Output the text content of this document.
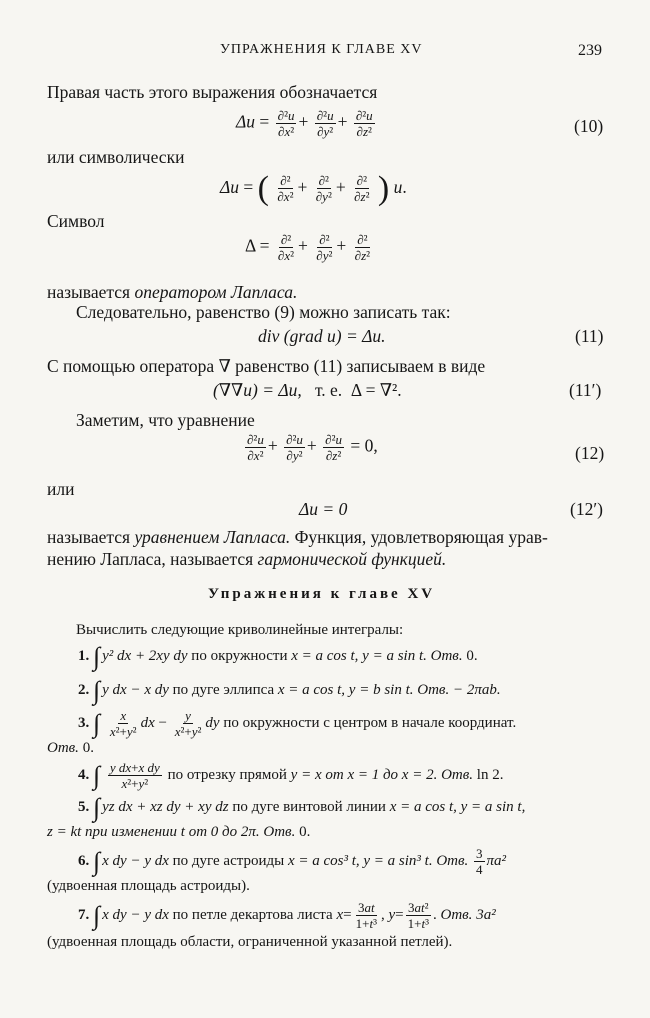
УПРАЖНЕНИЯ К ГЛАВЕ XV	239
Правая часть этого выражения обозначается
$\Delta u = \frac{\text{∂²u}}{\text{∂x²}} + \frac{\text{∂²u}}{\text{∂y²}} + \frac{\text{∂²u}}{\text{∂z²}}$	(10)
или символически
Δu = ( $\frac{\text{∂²}}{\text{∂x²}} + \frac{\text{∂²}}{\text{∂y²}} + \frac{\text{∂²}}{\text{∂z²}}$ ) u.
Символ
$\Delta = \frac{\text{∂²}}{\text{∂x²}} + \frac{\text{∂²}}{\text{∂y²}} + \frac{\text{∂²}}{\text{∂z²}}$
называется оператором Лапласа.
Следовательно, равенство (9) можно записать так:
div (grad u) = Δu.	(11)
С помощью оператора ∇ равенство (11) записываем в виде
(∇∇u) = Δu, т. е. Δ = ∇².	(11′)
Заметим, что уравнение
$\frac{\text{∂²u}}{\text{∂x²}} + \frac{\text{∂²u}}{\text{∂y²}} + \frac{\text{∂²u}}{\text{∂z²}} = 0$,	(12)
или
Δu = 0	(12′)
называется уравнением Лапласа. Функция, удовлетворяющая урав-
нению Лапласа, называется гармонической функцией.
Упражнения к главе XV
Вычислить следующие криволинейные интегралы:
1. ∫ y² dx + 2xy dy по окружности x = a cos t, y = a sin t. Отв. 0.
2. ∫ y dx − x dy по дуге эллипса x = a cos t, y = b sin t. Отв. − 2πab.
3. ∫ $\frac{x}{\text{x²+y²}}$ dx − $\frac{y}{\text{x²+y²}}$ dy по окружности с центром в начале координат.
Отв. 0.
4. ∫ $\frac{\text{y dx+x dy}}{\text{x²+y²}}$ по отрезку прямой y = x от x = 1 до x = 2. Отв. ln 2.
5. ∫ yz dx + xz dy + xy dz по дуге винтовой линии x = a cos t, y = a sin t,
z = kt при изменении t от 0 до 2π. Отв. 0.
6. ∫ x dy − y dx по дуге астроиды x = a cos³ t, y = a sin³ t. Отв. $\frac{3}{4} \pi a^2$
(удвоенная площадь астроиды).
7. ∫ x dy − y dx по петле декартова листа $x= \frac{3at}{\text{1+t³}}$ , $y= \frac{\text{3at²}}{\text{1+t³}}$ . Отв. 3a²
(удвоенная площадь области, ограниченной указанной петлей).
